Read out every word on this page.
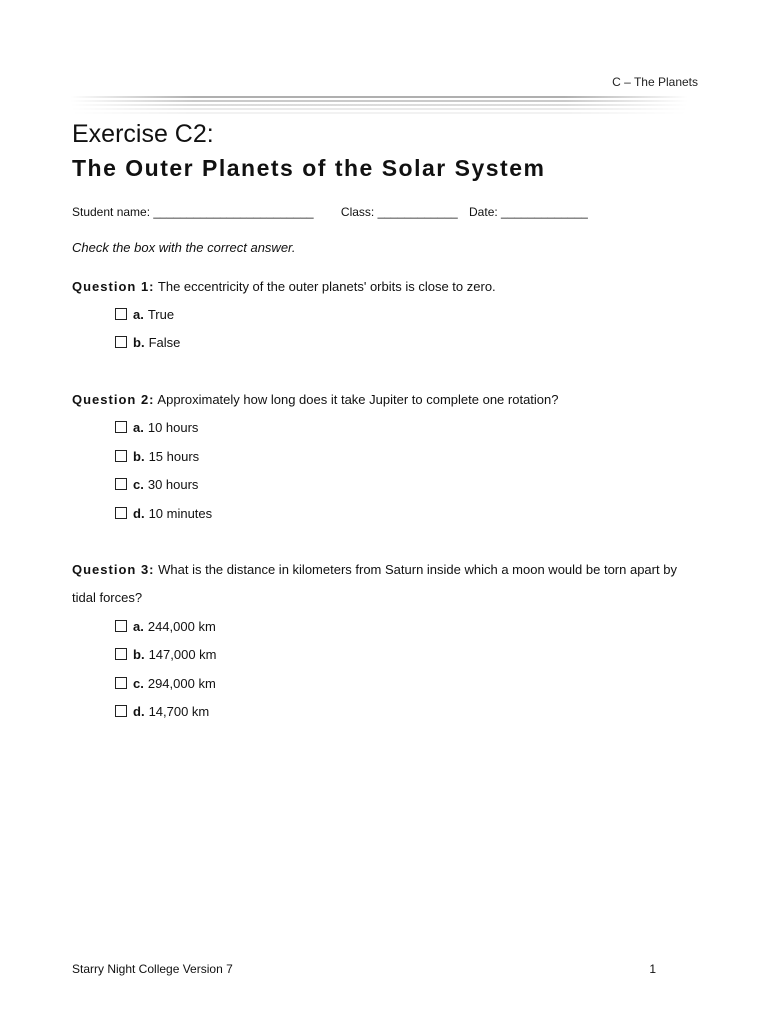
C – The Planets
Exercise C2:
The Outer Planets of the Solar System
Student name: ________________________ Class: ____________ Date: _____________
Check the box with the correct answer.
Question 1: The eccentricity of the outer planets' orbits is close to zero.
a. True
b. False
Question 2: Approximately how long does it take Jupiter to complete one rotation?
a. 10 hours
b. 15 hours
c. 30 hours
d. 10 minutes
Question 3: What is the distance in kilometers from Saturn inside which a moon would be torn apart by tidal forces?
a. 244,000 km
b. 147,000 km
c. 294,000 km
d. 14,700 km
Starry Night College Version 7	1
